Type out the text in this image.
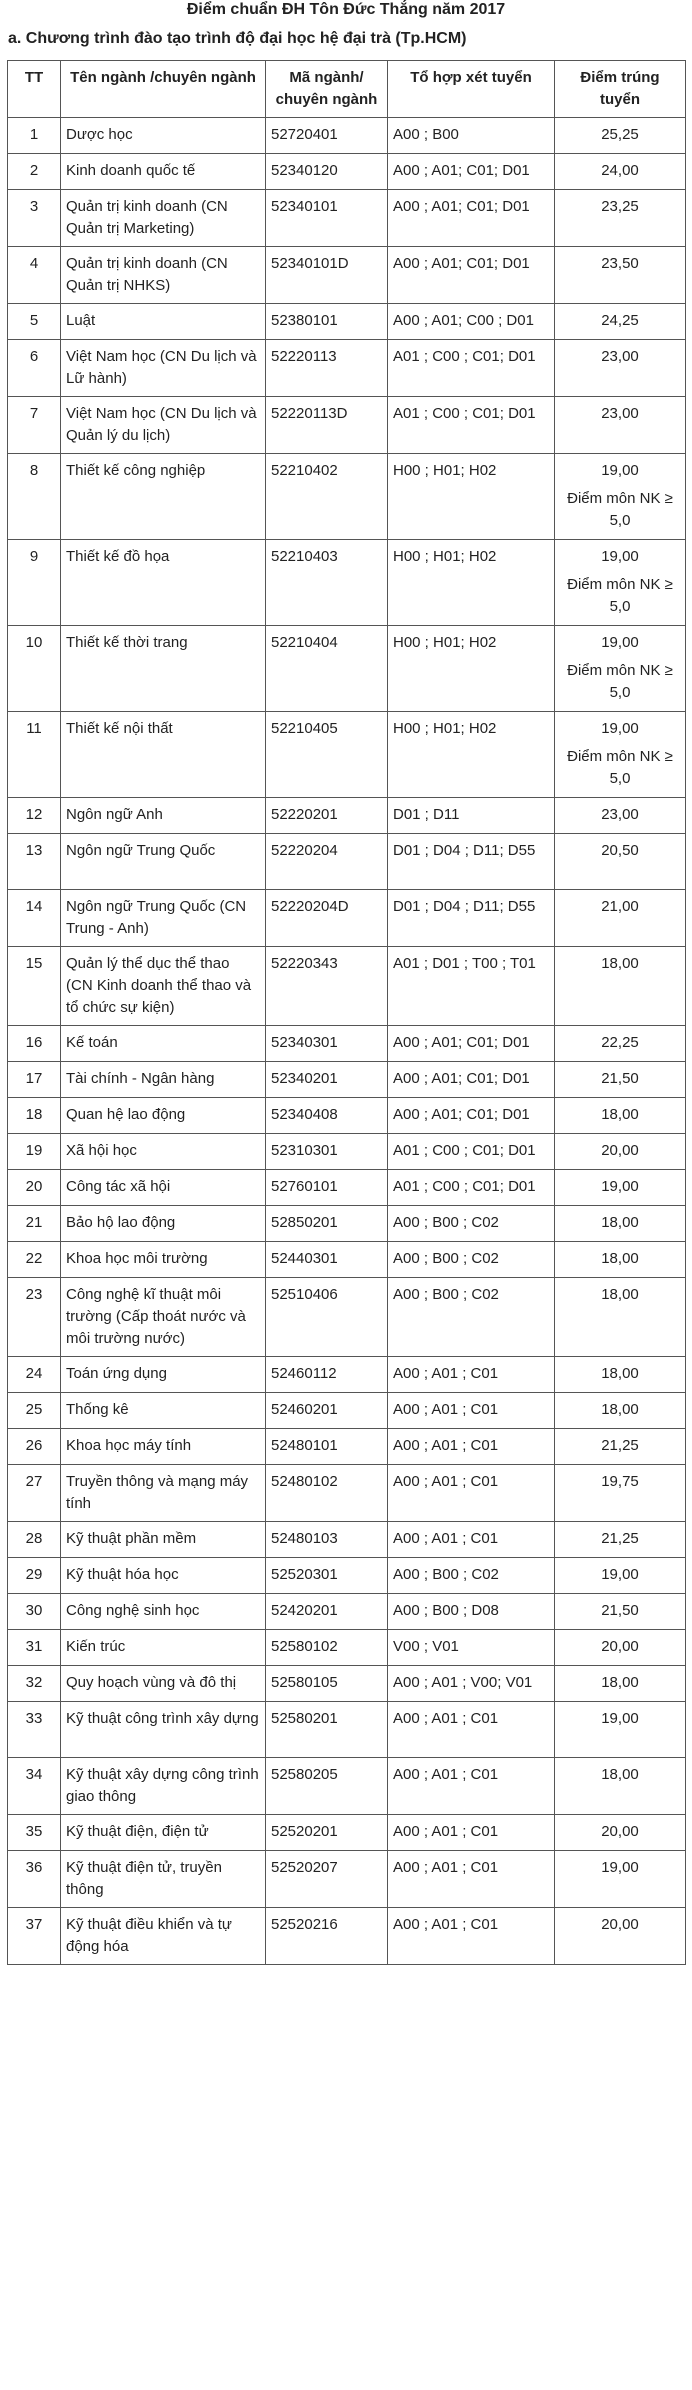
Điểm chuẩn ĐH Tôn Đức Thắng năm 2017
a. Chương trình đào tạo trình độ đại học hệ đại trà (Tp.HCM)
TT	Tên ngành /chuyên ngành	Mã ngành/ chuyên ngành	Tổ hợp xét tuyển	Điểm trúng tuyển
1	Dược học	52720401	A00 ; B00	25,25
2	Kinh doanh quốc tế	52340120	A00 ; A01; C01; D01	24,00
3	Quản trị kinh doanh (CN Quản trị Marketing)	52340101	A00 ; A01; C01; D01	23,25
4	Quản trị kinh doanh (CN Quản trị NHKS)	52340101D	A00 ; A01; C01; D01	23,50
5	Luật	52380101	A00 ; A01; C00 ; D01	24,25
6	Việt Nam học (CN Du lịch và Lữ hành)	52220113	A01 ; C00 ; C01; D01	23,00
7	Việt Nam học (CN Du lịch và Quản lý du lịch)	52220113D	A01 ; C00 ; C01; D01	23,00
8	Thiết kế công nghiệp	52210402	H00 ; H01; H02	19,00
Điểm môn NK ≥ 5,0

9	Thiết kế đồ họa	52210403	H00 ; H01; H02	19,00
Điểm môn NK ≥ 5,0

10	Thiết kế thời trang	52210404	H00 ; H01; H02	19,00
Điểm môn NK ≥ 5,0

11	Thiết kế nội thất	52210405	H00 ; H01; H02	19,00
Điểm môn NK ≥ 5,0

12	Ngôn ngữ Anh	52220201	D01 ; D11	23,00
13	Ngôn ngữ Trung Quốc	52220204	D01 ; D04 ; D11; D55	20,50
14	Ngôn ngữ Trung Quốc (CN Trung - Anh)	52220204D	D01 ; D04 ; D11; D55	21,00
15	Quản lý thể dục thể thao (CN Kinh doanh thể thao và tổ chức sự kiện)	52220343	A01 ; D01 ; T00 ; T01	18,00
16	Kế toán	52340301	A00 ; A01; C01; D01	22,25
17	Tài chính - Ngân hàng	52340201	A00 ; A01; C01; D01	21,50
18	Quan hệ lao động	52340408	A00 ; A01; C01; D01	18,00
19	Xã hội học	52310301	A01 ; C00 ; C01; D01	20,00
20	Công tác xã hội	52760101	A01 ; C00 ; C01; D01	19,00
21	Bảo hộ lao động	52850201	A00 ; B00 ; C02	18,00
22	Khoa học môi trường	52440301	A00 ; B00 ; C02	18,00
23	Công nghệ kĩ thuật môi trường (Cấp thoát nước và môi trường nước)	52510406	A00 ; B00 ; C02	18,00
24	Toán ứng dụng	52460112	A00 ; A01 ; C01	18,00
25	Thống kê	52460201	A00 ; A01 ; C01	18,00
26	Khoa học máy tính	52480101	A00 ; A01 ; C01	21,25
27	Truyền thông và mạng máy tính	52480102	A00 ; A01 ; C01	19,75
28	Kỹ thuật phần mềm	52480103	A00 ; A01 ; C01	21,25
29	Kỹ thuật hóa học	52520301	A00 ; B00 ; C02	19,00
30	Công nghệ sinh học	52420201	A00 ; B00 ; D08	21,50
31	Kiến trúc	52580102	V00 ; V01	20,00
32	Quy hoạch vùng và đô thị	52580105	A00 ; A01 ; V00; V01	18,00
33	Kỹ thuật công trình xây dựng	52580201	A00 ; A01 ; C01	19,00
34	Kỹ thuật xây dựng công trình giao thông	52580205	A00 ; A01 ; C01	18,00
35	Kỹ thuật điện, điện tử	52520201	A00 ; A01 ; C01	20,00
36	Kỹ thuật điện tử, truyền thông	52520207	A00 ; A01 ; C01	19,00
37	Kỹ thuật điều khiển và tự động hóa	52520216	A00 ; A01 ; C01	20,00
